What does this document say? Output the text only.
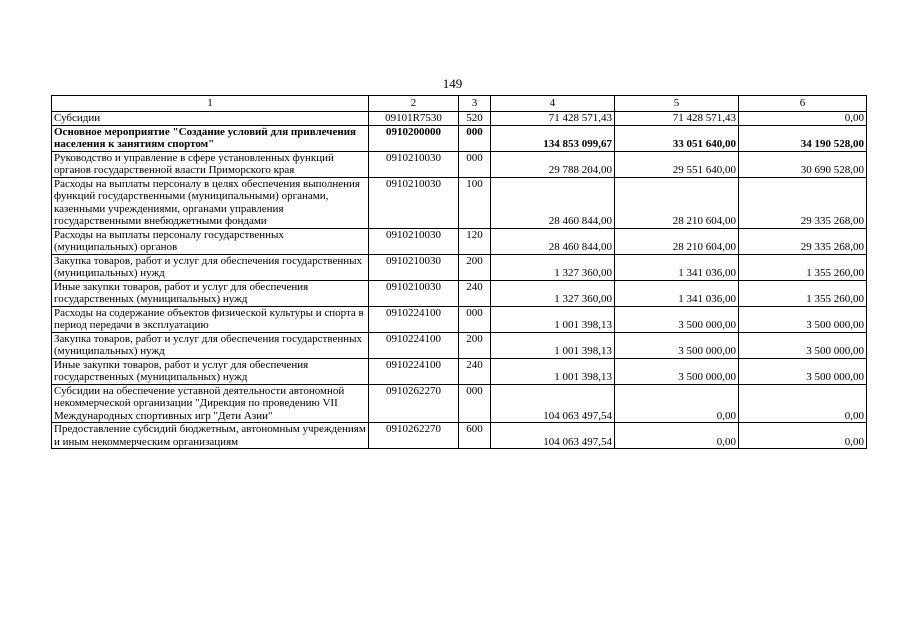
149
1	2	3	4	5	6
Субсидии	09101R7530	520	71 428 571,43	71 428 571,43	0,00
Основное мероприятие "Создание условий для привлечения населения к занятиям спортом"	0910200000	000	134 853 099,67	33 051 640,00	34 190 528,00
Руководство и управление в сфере установленных функций органов государственной власти Приморского края	0910210030	000	29 788 204,00	29 551 640,00	30 690 528,00
Расходы на выплаты персоналу в целях обеспечения выполнения функций государственными (муниципальными) органами, казенными учреждениями, органами управления государственными внебюджетными фондами	0910210030	100	28 460 844,00	28 210 604,00	29 335 268,00
Расходы на выплаты персоналу государственных (муниципальных) органов	0910210030	120	28 460 844,00	28 210 604,00	29 335 268,00
Закупка товаров, работ и услуг для обеспечения государственных (муниципальных) нужд	0910210030	200	1 327 360,00	1 341 036,00	1 355 260,00
Иные закупки товаров, работ и услуг для обеспечения государственных (муниципальных) нужд	0910210030	240	1 327 360,00	1 341 036,00	1 355 260,00
Расходы на содержание объектов физической культуры и спорта в период передачи в эксплуатацию	0910224100	000	1 001 398,13	3 500 000,00	3 500 000,00
Закупка товаров, работ и услуг для обеспечения государственных (муниципальных) нужд	0910224100	200	1 001 398,13	3 500 000,00	3 500 000,00
Иные закупки товаров, работ и услуг для обеспечения государственных (муниципальных) нужд	0910224100	240	1 001 398,13	3 500 000,00	3 500 000,00
Субсидии на обеспечение уставной деятельности автономной некоммерческой организации "Дирекция по проведению VII Международных спортивных игр "Дети Азии"	0910262270	000	104 063 497,54	0,00	0,00
Предоставление субсидий бюджетным, автономным учреждениям и иным некоммерческим организациям	0910262270	600	104 063 497,54	0,00	0,00
